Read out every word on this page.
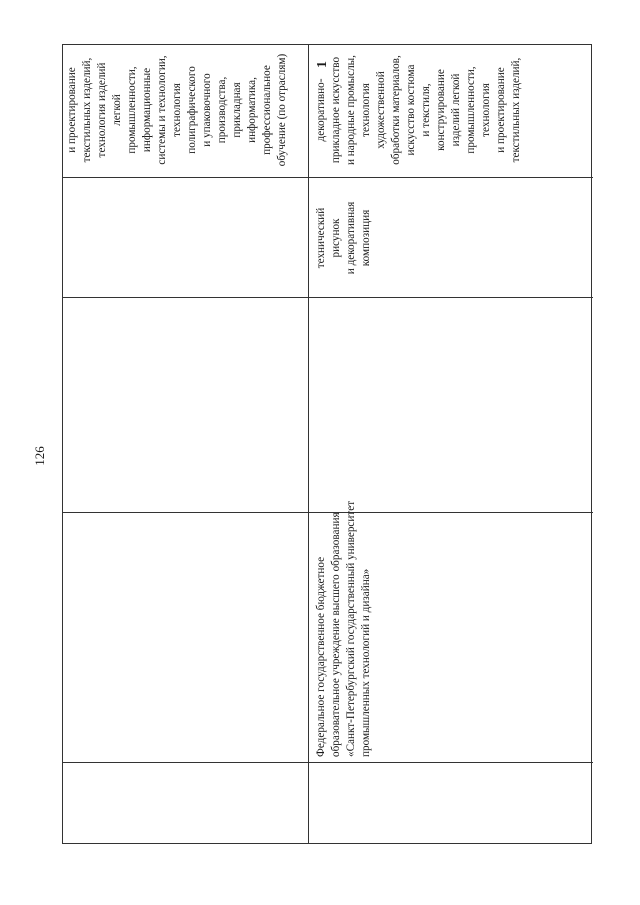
126
и проектирование текстильных изделий, технология изделий легкой промышленности, информационные системы и технологии, технология полиграфического и упаковочного производства, прикладная информатика, профессиональное обучение (по отраслям) 1
Федеральное государственное бюджетное образовательное учреждение высшего образования «Санкт-Петербургский государственный университет промышленных технологий и дизайна»
технический рисунок и декоративная композиция
декоративно- прикладное искусство и народные промыслы, технология художественной обработки материалов, искусство костюма и текстиля, конструирование изделий легкой промышленности, технология и проектирование текстильных изделий,
